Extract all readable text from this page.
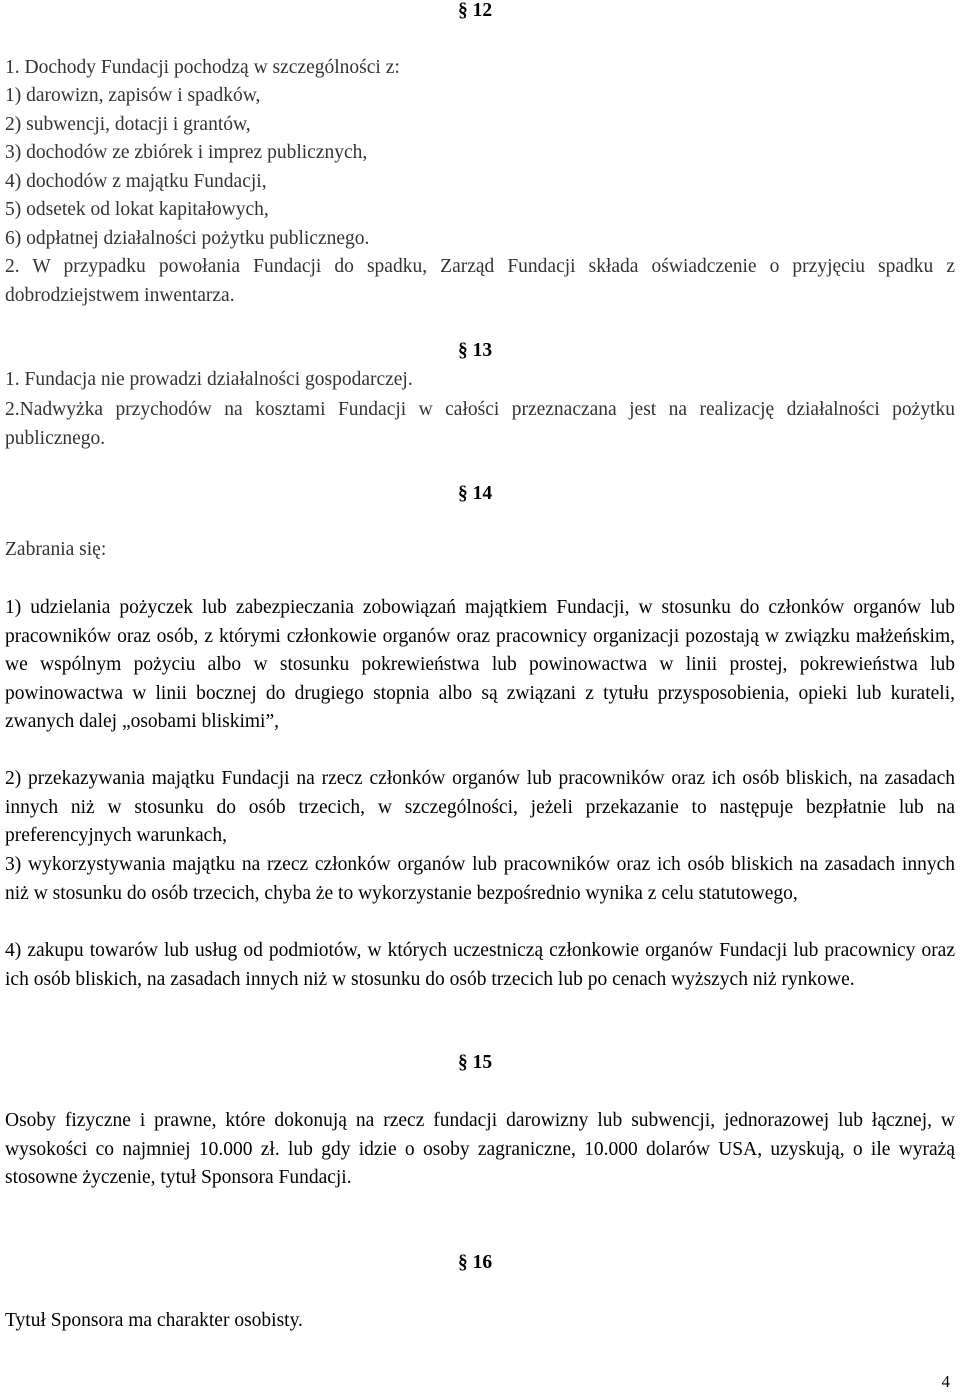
§ 12
1. Dochody Fundacji pochodzą w szczególności z:
1) darowizn, zapisów i spadków,
2) subwencji, dotacji i grantów,
3) dochodów ze zbiórek i imprez publicznych,
4) dochodów z majątku Fundacji,
5) odsetek od lokat kapitałowych,
6) odpłatnej działalności pożytku publicznego.
2. W przypadku powołania Fundacji do spadku, Zarząd Fundacji składa oświadczenie o przyjęciu spadku z dobrodziejstwem inwentarza.
§ 13
1. Fundacja nie prowadzi działalności gospodarczej.
2.Nadwyżka przychodów na kosztami Fundacji w całości przeznaczana jest na realizację działalności pożytku publicznego.
§ 14
Zabrania się:
1) udzielania pożyczek lub zabezpieczania zobowiązań majątkiem Fundacji, w stosunku do członków organów lub pracowników oraz osób, z którymi członkowie organów oraz pracownicy organizacji pozostają w związku małżeńskim, we wspólnym pożyciu albo w stosunku pokrewieństwa lub powinowactwa w linii prostej, pokrewieństwa lub powinowactwa w linii bocznej do drugiego stopnia albo są związani z tytułu przysposobienia, opieki lub kurateli, zwanych dalej „osobami bliskimi”,
2) przekazywania majątku Fundacji na rzecz członków organów lub pracowników oraz ich osób bliskich, na zasadach innych niż w stosunku do osób trzecich, w szczególności, jeżeli przekazanie to następuje bezpłatnie lub na preferencyjnych warunkach,
3) wykorzystywania majątku na rzecz członków organów lub pracowników oraz ich osób bliskich na zasadach innych niż w stosunku do osób trzecich, chyba że to wykorzystanie bezpośrednio wynika z celu statutowego,
4) zakupu towarów lub usług od podmiotów, w których uczestniczą członkowie organów Fundacji lub pracownicy oraz ich osób bliskich, na zasadach innych niż w stosunku do osób trzecich lub po cenach wyższych niż rynkowe.
§ 15
Osoby fizyczne i prawne, które dokonują na rzecz fundacji darowizny lub subwencji, jednorazowej lub łącznej, w wysokości co najmniej 10.000 zł. lub gdy idzie o osoby zagraniczne, 10.000 dolarów USA, uzyskują, o ile wyrażą stosowne życzenie, tytuł Sponsora Fundacji.
§ 16
Tytuł Sponsora ma charakter osobisty.
4
